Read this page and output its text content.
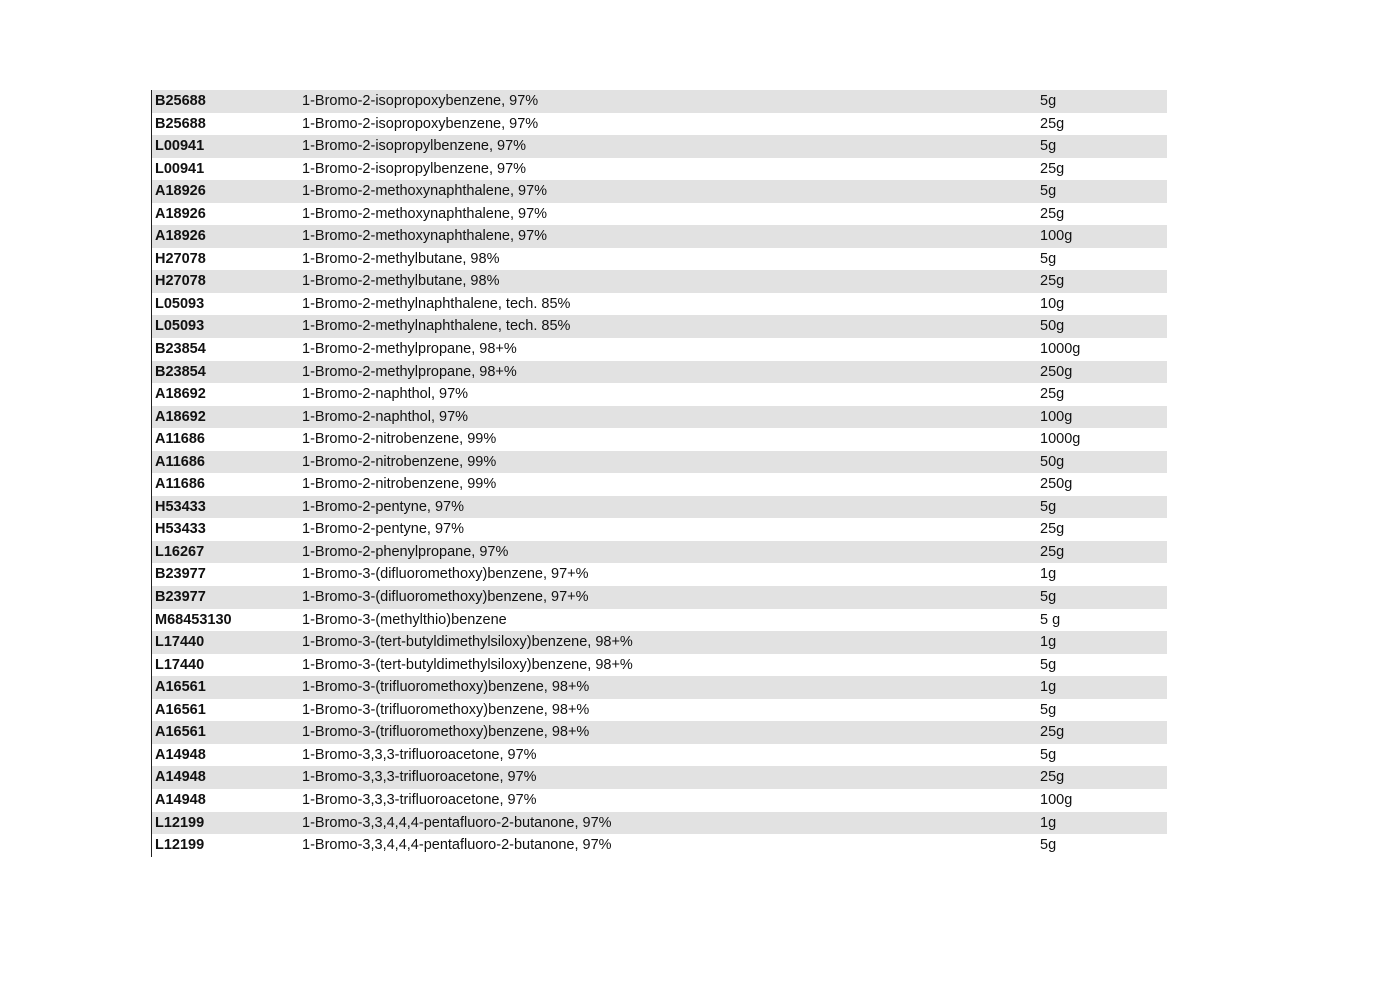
B25688	1-Bromo-2-isopropoxybenzene, 97%	5g
B25688	1-Bromo-2-isopropoxybenzene, 97%	25g
L00941	1-Bromo-2-isopropylbenzene, 97%	5g
L00941	1-Bromo-2-isopropylbenzene, 97%	25g
A18926	1-Bromo-2-methoxynaphthalene, 97%	5g
A18926	1-Bromo-2-methoxynaphthalene, 97%	25g
A18926	1-Bromo-2-methoxynaphthalene, 97%	100g
H27078	1-Bromo-2-methylbutane, 98%	5g
H27078	1-Bromo-2-methylbutane, 98%	25g
L05093	1-Bromo-2-methylnaphthalene, tech. 85%	10g
L05093	1-Bromo-2-methylnaphthalene, tech. 85%	50g
B23854	1-Bromo-2-methylpropane, 98+%	1000g
B23854	1-Bromo-2-methylpropane, 98+%	250g
A18692	1-Bromo-2-naphthol, 97%	25g
A18692	1-Bromo-2-naphthol, 97%	100g
A11686	1-Bromo-2-nitrobenzene, 99%	1000g
A11686	1-Bromo-2-nitrobenzene, 99%	50g
A11686	1-Bromo-2-nitrobenzene, 99%	250g
H53433	1-Bromo-2-pentyne, 97%	5g
H53433	1-Bromo-2-pentyne, 97%	25g
L16267	1-Bromo-2-phenylpropane, 97%	25g
B23977	1-Bromo-3-(difluoromethoxy)benzene, 97+%	1g
B23977	1-Bromo-3-(difluoromethoxy)benzene, 97+%	5g
M68453130	1-Bromo-3-(methylthio)benzene	5 g
L17440	1-Bromo-3-(tert-butyldimethylsiloxy)benzene, 98+%	1g
L17440	1-Bromo-3-(tert-butyldimethylsiloxy)benzene, 98+%	5g
A16561	1-Bromo-3-(trifluoromethoxy)benzene, 98+%	1g
A16561	1-Bromo-3-(trifluoromethoxy)benzene, 98+%	5g
A16561	1-Bromo-3-(trifluoromethoxy)benzene, 98+%	25g
A14948	1-Bromo-3,3,3-trifluoroacetone, 97%	5g
A14948	1-Bromo-3,3,3-trifluoroacetone, 97%	25g
A14948	1-Bromo-3,3,3-trifluoroacetone, 97%	100g
L12199	1-Bromo-3,3,4,4,4-pentafluoro-2-butanone, 97%	1g
L12199	1-Bromo-3,3,4,4,4-pentafluoro-2-butanone, 97%	5g
